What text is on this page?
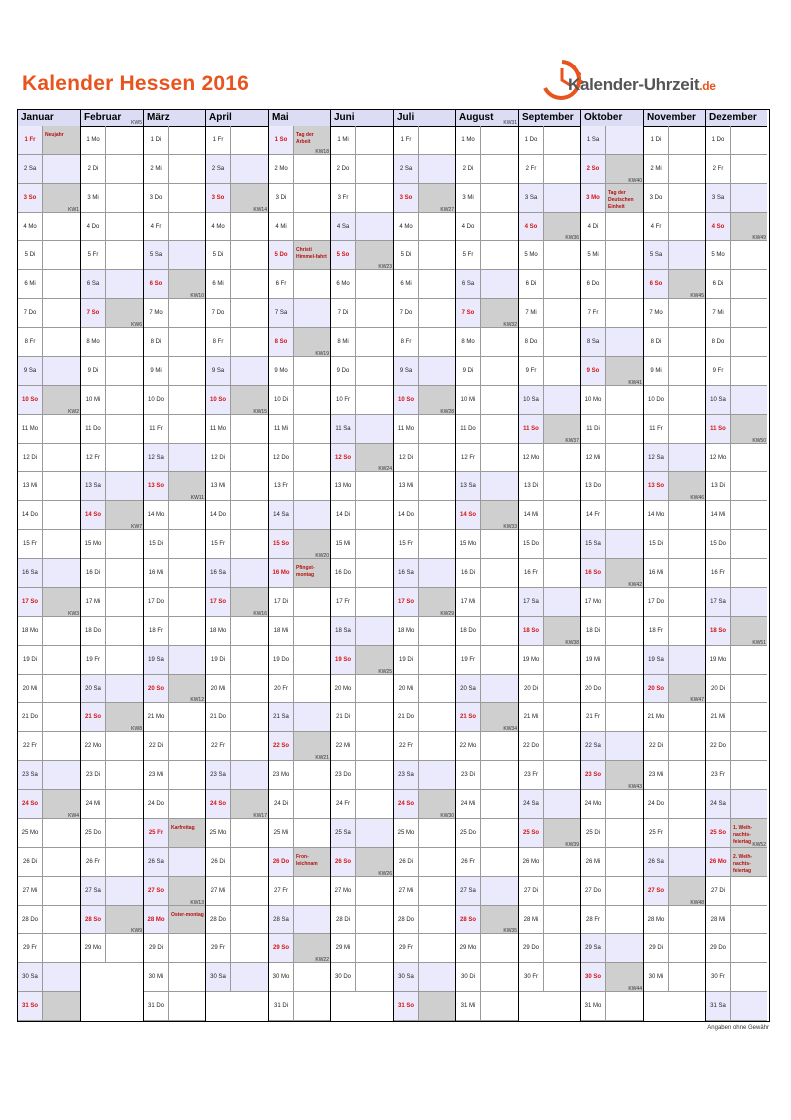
Kalender Hessen 2016	Kalender-Uhrzeit.de
Januar
1 Fr
Neujahr
2 Sa
3 So
4 Mo
KW1
5 Di
6 Mi
7 Do
8 Fr
9 Sa
10 So
11 Mo
KW2
12 Di
13 Mi
14 Do
15 Fr
16 Sa
17 So
18 Mo
KW3
19 Di
20 Mi
21 Do
22 Fr
23 Sa
24 So
25 Mo
KW4
26 Di
27 Mi
28 Do
29 Fr
30 Sa
31 So
Februar
1 Mo
KW5
2 Di
3 Mi
4 Do
5 Fr
6 Sa
7 So
8 Mo
KW6
9 Di
10 Mi
11 Do
12 Fr
13 Sa
14 So
15 Mo
KW7
16 Di
17 Mi
18 Do
19 Fr
20 Sa
21 So
22 Mo
KW8
23 Di
24 Mi
25 Do
26 Fr
27 Sa
28 So
29 Mo
KW9
März
1 Di
2 Mi
3 Do
4 Fr
5 Sa
6 So
7 Mo
KW10
8 Di
9 Mi
10 Do
11 Fr
12 Sa
13 So
14 Mo
KW11
15 Di
16 Mi
17 Do
18 Fr
19 Sa
20 So
21 Mo
KW12
22 Di
23 Mi
24 Do
25 Fr
Karfreitag
26 Sa
27 So
28 Mo
Oster-montag
KW13
29 Di
30 Mi
31 Do
April
1 Fr
2 Sa
3 So
4 Mo
KW14
5 Di
6 Mi
7 Do
8 Fr
9 Sa
10 So
11 Mo
KW15
12 Di
13 Mi
14 Do
15 Fr
16 Sa
17 So
18 Mo
KW16
19 Di
20 Mi
21 Do
22 Fr
23 Sa
24 So
25 Mo
KW17
26 Di
27 Mi
28 Do
29 Fr
30 Sa
Mai
1 So
Tag der Arbeit
2 Mo
KW18
3 Di
4 Mi
5 Do
Christi Himmel-fahrt
6 Fr
7 Sa
8 So
9 Mo
KW19
10 Di
11 Mi
12 Do
13 Fr
14 Sa
15 So
16 Mo
Pfingst-montag
KW20
17 Di
18 Mi
19 Do
20 Fr
21 Sa
22 So
23 Mo
KW21
24 Di
25 Mi
26 Do
Fron-leichnam
27 Fr
28 Sa
29 So
30 Mo
KW22
31 Di
Juni
1 Mi
2 Do
3 Fr
4 Sa
5 So
6 Mo
KW23
7 Di
8 Mi
9 Do
10 Fr
11 Sa
12 So
13 Mo
KW24
14 Di
15 Mi
16 Do
17 Fr
18 Sa
19 So
20 Mo
KW25
21 Di
22 Mi
23 Do
24 Fr
25 Sa
26 So
27 Mo
KW26
28 Di
29 Mi
30 Do
Juli
1 Fr
2 Sa
3 So
4 Mo
KW27
5 Di
6 Mi
7 Do
8 Fr
9 Sa
10 So
11 Mo
KW28
12 Di
13 Mi
14 Do
15 Fr
16 Sa
17 So
18 Mo
KW29
19 Di
20 Mi
21 Do
22 Fr
23 Sa
24 So
25 Mo
KW30
26 Di
27 Mi
28 Do
29 Fr
30 Sa
31 So
August
1 Mo
KW31
2 Di
3 Mi
4 Do
5 Fr
6 Sa
7 So
8 Mo
KW32
9 Di
10 Mi
11 Do
12 Fr
13 Sa
14 So
15 Mo
KW33
16 Di
17 Mi
18 Do
19 Fr
20 Sa
21 So
22 Mo
KW34
23 Di
24 Mi
25 Do
26 Fr
27 Sa
28 So
29 Mo
KW35
30 Di
31 Mi
September
1 Do
2 Fr
3 Sa
4 So
5 Mo
KW36
6 Di
7 Mi
8 Do
9 Fr
10 Sa
11 So
12 Mo
KW37
13 Di
14 Mi
15 Do
16 Fr
17 Sa
18 So
19 Mo
KW38
20 Di
21 Mi
22 Do
23 Fr
24 Sa
25 So
26 Mo
KW39
27 Di
28 Mi
29 Do
30 Fr
Oktober
1 Sa
2 So
3 Mo
Tag der Deutschen Einheit
KW40
4 Di
5 Mi
6 Do
7 Fr
8 Sa
9 So
10 Mo
KW41
11 Di
12 Mi
13 Do
14 Fr
15 Sa
16 So
17 Mo
KW42
18 Di
19 Mi
20 Do
21 Fr
22 Sa
23 So
24 Mo
KW43
25 Di
26 Mi
27 Do
28 Fr
29 Sa
30 So
31 Mo
KW44
November
1 Di
2 Mi
3 Do
4 Fr
5 Sa
6 So
7 Mo
KW45
8 Di
9 Mi
10 Do
11 Fr
12 Sa
13 So
14 Mo
KW46
15 Di
16 Mi
17 Do
18 Fr
19 Sa
20 So
21 Mo
KW47
22 Di
23 Mi
24 Do
25 Fr
26 Sa
27 So
28 Mo
KW48
29 Di
30 Mi
Dezember
1 Do
2 Fr
3 Sa
4 So
5 Mo
KW49
6 Di
7 Mi
8 Do
9 Fr
10 Sa
11 So
12 Mo
KW50
13 Di
14 Mi
15 Do
16 Fr
17 Sa
18 So
19 Mo
KW51
20 Di
21 Mi
22 Do
23 Fr
24 Sa
25 So
1. Weih-nachts-feiertag
26 Mo
2. Weih-nachts-feiertag
KW52
27 Di
28 Mi
29 Do
30 Fr
31 Sa
Angaben ohne Gewähr
